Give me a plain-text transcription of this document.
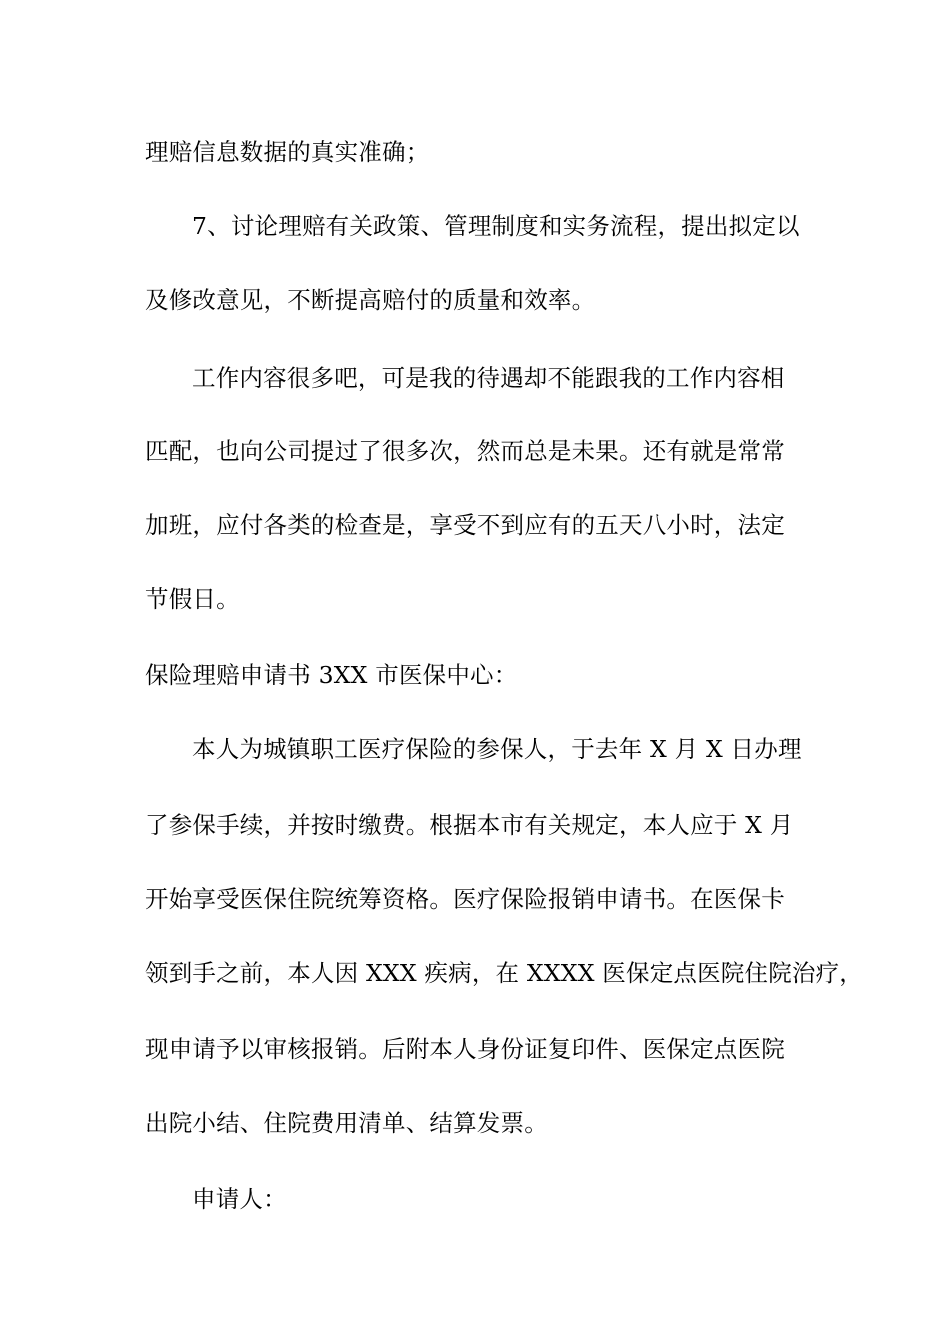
理赔信息数据的真实准确；
7、讨论理赔有关政策、管理制度和实务流程，提出拟定以
及修改意见，不断提高赔付的质量和效率。
工作内容很多吧，可是我的待遇却不能跟我的工作内容相
匹配，也向公司提过了很多次，然而总是未果。还有就是常常
加班，应付各类的检查是，享受不到应有的五天八小时，法定
节假日。
保险理赔申请书 3XX 市医保中心：
本人为城镇职工医疗保险的参保人，于去年 X 月 X 日办理
了参保手续，并按时缴费。根据本市有关规定，本人应于 X 月
开始享受医保住院统筹资格。医疗保险报销申请书。在医保卡
领到手之前，本人因 XXX 疾病，在 XXXX 医保定点医院住院治疗，
现申请予以审核报销。后附本人身份证复印件、医保定点医院
出院小结、住院费用清单、结算发票。
申请人：
